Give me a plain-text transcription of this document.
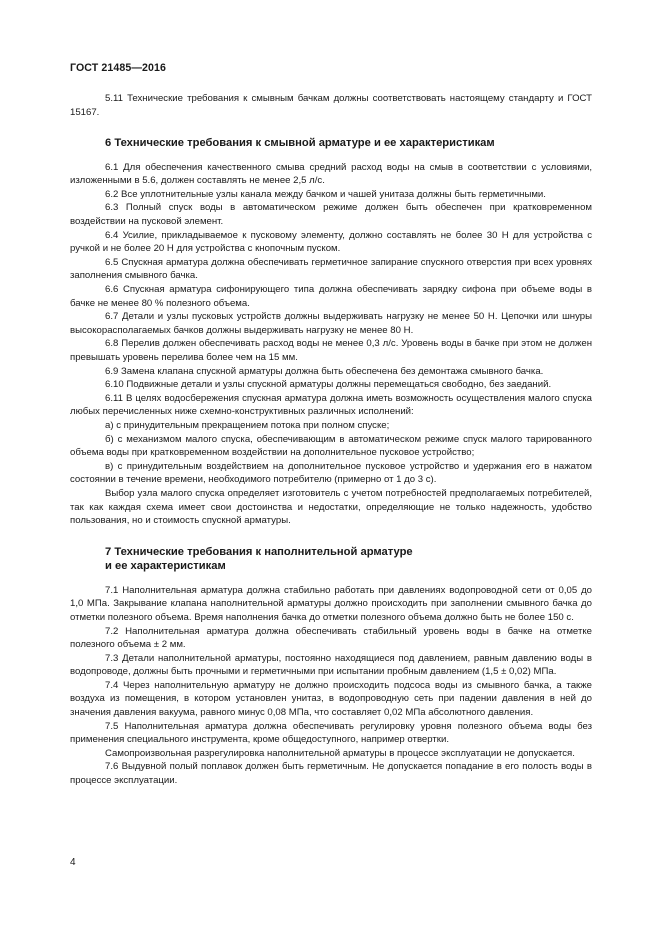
ГОСТ 21485—2016

5.11 Технические требования к смывным бачкам должны соответствовать настоящему стандарту и ГОСТ 15167.

6 Технические требования к смывной арматуре и ее характеристикам

6.1 Для обеспечения качественного смыва средний расход воды на смыв в соответствии с условиями, изложенными в 5.6, должен составлять не менее 2,5 л/с.

6.2 Все уплотнительные узлы канала между бачком и чашей унитаза должны быть герметичными.

6.3 Полный спуск воды в автоматическом режиме должен быть обеспечен при кратковременном воздействии на пусковой элемент.

6.4 Усилие, прикладываемое к пусковому элементу, должно составлять не более 30 Н для устройства с ручкой и не более 20 Н для устройства с кнопочным пуском.

6.5 Спускная арматура должна обеспечивать герметичное запирание спускного отверстия при всех уровнях заполнения смывного бачка.

6.6 Спускная арматура сифонирующего типа должна обеспечивать зарядку сифона при объеме воды в бачке не менее 80 % полезного объема.

6.7 Детали и узлы пусковых устройств должны выдерживать нагрузку не менее 50 Н. Цепочки или шнуры высокорасполагаемых бачков должны выдерживать нагрузку не менее 80 Н.

6.8 Перелив должен обеспечивать расход воды не менее 0,3 л/с. Уровень воды в бачке при этом не должен превышать уровень перелива более чем на 15 мм.

6.9 Замена клапана спускной арматуры должна быть обеспечена без демонтажа смывного бачка.

6.10 Подвижные детали и узлы спускной арматуры должны перемещаться свободно, без заеданий.

6.11 В целях водосбережения спускная арматура должна иметь возможность осуществления малого спуска любых перечисленных ниже схемно-конструктивных различных исполнений:

а) с принудительным прекращением потока при полном спуске;

б) с механизмом малого спуска, обеспечивающим в автоматическом режиме спуск малого тарированного объема воды при кратковременном воздействии на дополнительное пусковое устройство;

в) с принудительным воздействием на дополнительное пусковое устройство и удержания его в нажатом состоянии в течение времени, необходимого потребителю (примерно от 1 до 3 с).

Выбор узла малого спуска определяет изготовитель с учетом потребностей предполагаемых потребителей, так как каждая схема имеет свои достоинства и недостатки, определяющие не только надежность, удобство пользования, но и стоимость спускной арматуры.

7 Технические требования к наполнительной арматуре
и ее характеристикам

7.1 Наполнительная арматура должна стабильно работать при давлениях водопроводной сети от 0,05 до 1,0 МПа. Закрывание клапана наполнительной арматуры должно происходить при заполнении смывного бачка до отметки полезного объема. Время наполнения бачка до отметки полезного объема должно быть не более 150 с.

7.2 Наполнительная арматура должна обеспечивать стабильный уровень воды в бачке на отметке полезного объема ± 2 мм.

7.3 Детали наполнительной арматуры, постоянно находящиеся под давлением, равным давлению воды в водопроводе, должны быть прочными и герметичными при испытании пробным давлением (1,5 ± 0,02) МПа.

7.4 Через наполнительную арматуру не должно происходить подсоса воды из смывного бачка, а также воздуха из помещения, в котором установлен унитаз, в водопроводную сеть при падении давления в ней до значения давления вакуума, равного минус 0,08 МПа, что составляет 0,02 МПа абсолютного давления.

7.5 Наполнительная арматура должна обеспечивать регулировку уровня полезного объема воды без применения специального инструмента, кроме общедоступного, например отвертки.

Самопроизвольная разрегулировка наполнительной арматуры в процессе эксплуатации не допускается.

7.6 Выдувной полый поплавок должен быть герметичным. Не допускается попадание в его полость воды в процессе эксплуатации.

4
